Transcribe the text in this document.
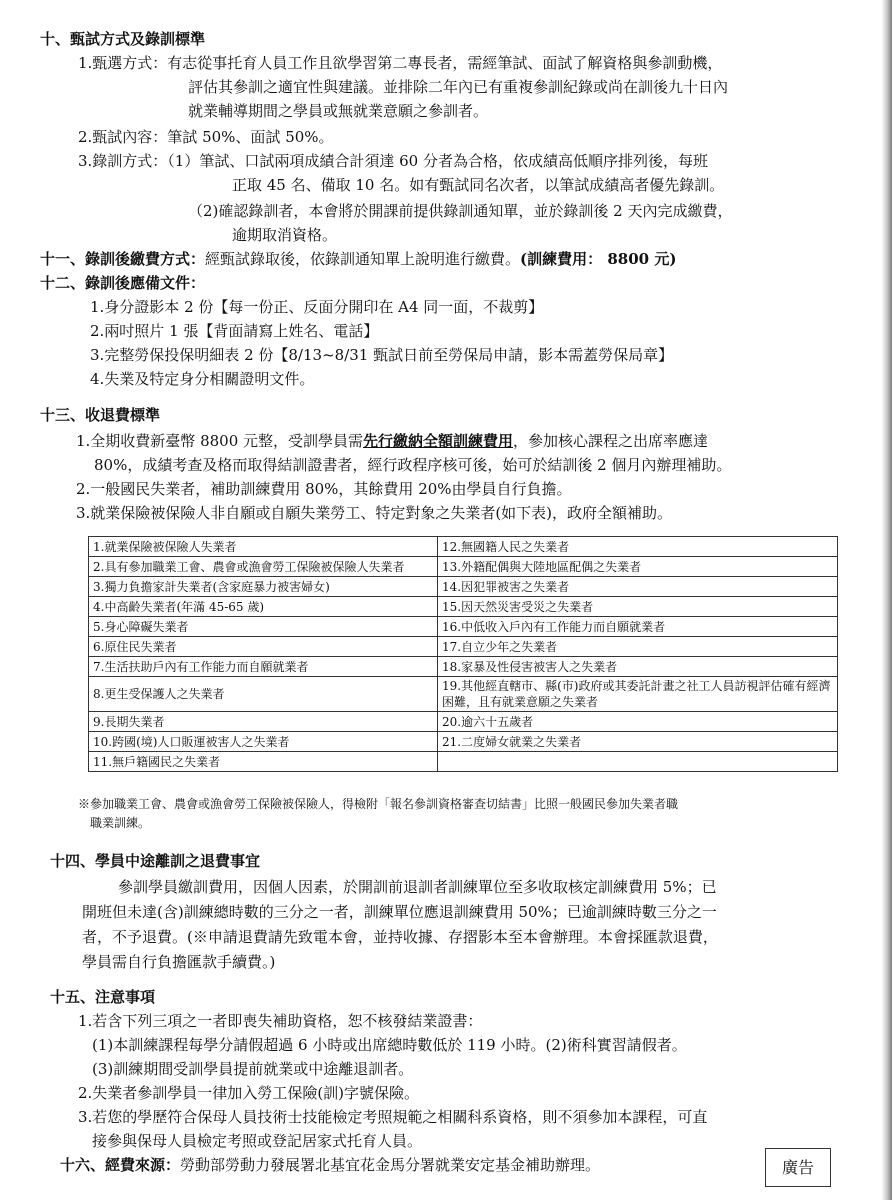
十、甄試方式及錄訓標準
1.甄選方式：有志從事托育人員工作且欲學習第二專長者，需經筆試、面試了解資格與參訓動機，
評估其參訓之適宜性與建議。並排除二年內已有重複參訓紀錄或尚在訓後九十日內
就業輔導期間之學員或無就業意願之參訓者。
2.甄試內容：筆試 50%、面試 50%。
3.錄訓方式：（1）筆試、口試兩項成績合計須達 60 分者為合格，依成績高低順序排列後，每班
正取 45 名、備取 10 名。如有甄試同名次者，以筆試成績高者優先錄訓。
（2)確認錄訓者，本會將於開課前提供錄訓通知單，並於錄訓後 2 天內完成繳費，
逾期取消資格。
十一、錄訓後繳費方式：經甄試錄取後，依錄訓通知單上說明進行繳費。(訓練費用： 8800 元)
十二、錄訓後應備文件：
1.身分證影本 2 份【每一份正、反面分開印在 A4 同一面，不裁剪】
2.兩吋照片 1 張【背面請寫上姓名、電話】
3.完整勞保投保明細表 2 份【8/13~8/31 甄試日前至勞保局申請，影本需蓋勞保局章】
4.失業及特定身分相關證明文件。
十三、收退費標準
1.全期收費新臺幣 8800 元整，受訓學員需先行繳納全額訓練費用，參加核心課程之出席率應達
80%，成績考查及格而取得結訓證書者，經行政程序核可後，始可於結訓後 2 個月內辦理補助。
2.一般國民失業者，補助訓練費用 80%，其餘費用 20%由學員自行負擔。
3.就業保險被保險人非自願或自願失業勞工、特定對象之失業者(如下表)，政府全額補助。
1.就業保險被保險人失業者	12.無國籍人民之失業者
2.具有參加職業工會、農會或漁會勞工保險被保險人失業者	13.外籍配偶與大陸地區配偶之失業者
3.獨力負擔家計失業者(含家庭暴力被害婦女)	14.因犯罪被害之失業者
4.中高齡失業者(年滿 45-65 歲)	15.因天然災害受災之失業者
5.身心障礙失業者	16.中低收入戶內有工作能力而自願就業者
6.原住民失業者	17.自立少年之失業者
7.生活扶助戶內有工作能力而自願就業者	18.家暴及性侵害被害人之失業者
8.更生受保護人之失業者	19.其他經直轄市、縣(市)政府或其委託計畫之社工人員訪視評估確有經濟困難，且有就業意願之失業者
9.長期失業者	20.逾六十五歲者
10.跨國(境)人口販運被害人之失業者	21.二度婦女就業之失業者
11.無戶籍國民之失業者	
※參加職業工會、農會或漁會勞工保險被保險人，得檢附「報名參訓資格審查切結書」比照一般國民參加失業者職
職業訓練。
十四、學員中途離訓之退費事宜
參訓學員繳訓費用，因個人因素，於開訓前退訓者訓練單位至多收取核定訓練費用 5%；已
開班但未達(含)訓練總時數的三分之一者，訓練單位應退訓練費用 50%；已逾訓練時數三分之一
者，不予退費。(※申請退費請先致電本會，並持收據、存摺影本至本會辦理。本會採匯款退費，
學員需自行負擔匯款手續費。)
十五、注意事項
1.若含下列三項之一者即喪失補助資格，恕不核發結業證書：
(1)本訓練課程每學分請假超過 6 小時或出席總時數低於 119 小時。(2)術科實習請假者。
(3)訓練期間受訓學員提前就業或中途離退訓者。
2.失業者參訓學員一律加入勞工保險(訓)字號保險。
3.若您的學歷符合保母人員技術士技能檢定考照規範之相關科系資格，則不須參加本課程，可直
接參與保母人員檢定考照或登記居家式托育人員。
十六、經費來源：勞動部勞動力發展署北基宜花金馬分署就業安定基金補助辦理。	廣告
